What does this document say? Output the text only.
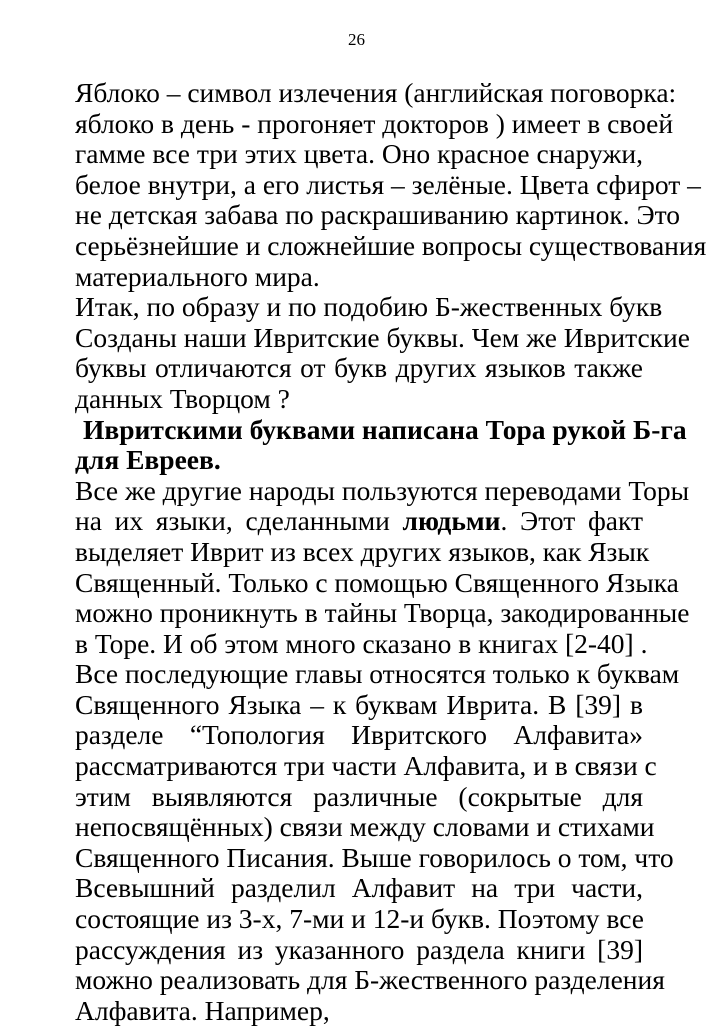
26
Яблоко – символ излечения (английская поговорка:
яблоко в день - прогоняет докторов ) имеет в своей
гамме все три этих цвета. Оно красное снаружи,
белое внутри, а его листья – зелёные. Цвета сфирот –
не детская забава по раскрашиванию картинок. Это
серьёзнейшие и сложнейшие вопросы существования
материального мира.
Итак, по образу и по подобию Б-жественных букв
Созданы наши Ивритские буквы. Чем же Ивритские
буквы отличаются от букв других языков также
данных Творцом ?
Ивритскими буквами написана Тора рукой Б-га
для Евреев.
Все же другие народы пользуются переводами Торы
на их языки, сделанными людьми. Этот факт
выделяет Иврит из всех других языков, как Язык
Священный. Только с помощью Священного Языка
можно проникнуть в тайны Творца, закодированные
в Торе. И об этом много сказано в книгах [2-40] .
Все последующие главы относятся только к буквам
Священного Языка – к буквам Иврита. В [39] в
разделе “Топология Ивритского Алфавита»
рассматриваются три части Алфавита, и в связи с
этим выявляются различные (сокрытые для
непосвящённых) связи между словами и стихами
Священного Писания. Выше говорилось о том, что
Всевышний разделил Алфавит на три части,
состоящие из 3-х, 7-ми и 12-и букв. Поэтому все
рассуждения из указанного раздела книги [39]
можно реализовать для Б-жественного разделения
Алфавита. Например,
